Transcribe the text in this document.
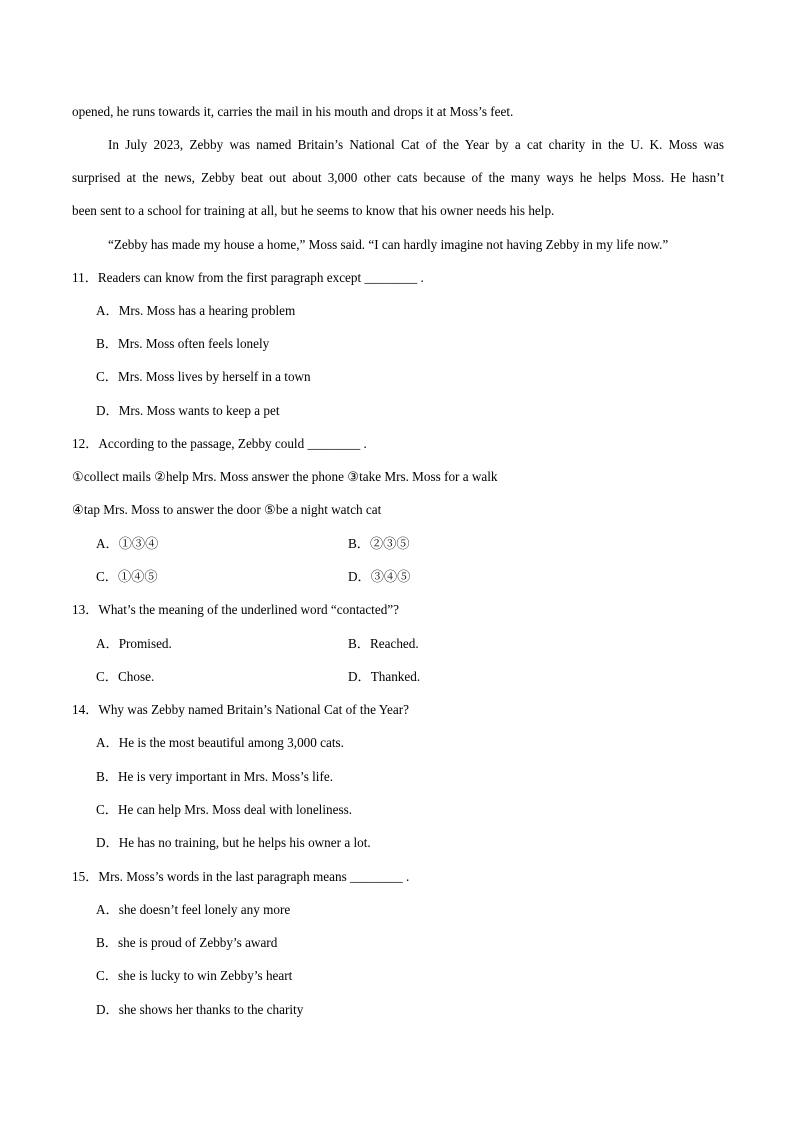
opened, he runs towards it, carries the mail in his mouth and drops it at Moss’s feet.
In July 2023, Zebby was named Britain’s National Cat of the Year by a cat charity in the U. K. Moss was
surprised at the news, Zebby beat out about 3,000 other cats because of the many ways he helps Moss. He hasn’t
been sent to a school for training at all, but he seems to know that his owner needs his help.
“Zebby has made my house a home,” Moss said. “I can hardly imagine not having Zebby in my life now.”
11．Readers can know from the first paragraph except ________ .
A．Mrs. Moss has a hearing problem
B．Mrs. Moss often feels lonely
C．Mrs. Moss lives by herself in a town
D．Mrs. Moss wants to keep a pet
12．According to the passage, Zebby could ________ .
①collect mails ②help Mrs. Moss answer the phone ③take Mrs. Moss for a walk
④tap Mrs. Moss to answer the door ⑤be a night watch cat
A．①③④	B．②③⑤
C．①④⑤	D．③④⑤
13．What’s the meaning of the underlined word “contacted”?
A．Promised.	B．Reached.
C．Chose.	D．Thanked.
14．Why was Zebby named Britain’s National Cat of the Year?
A．He is the most beautiful among 3,000 cats.
B．He is very important in Mrs. Moss’s life.
C．He can help Mrs. Moss deal with loneliness.
D．He has no training, but he helps his owner a lot.
15．Mrs. Moss’s words in the last paragraph means ________ .
A．she doesn’t feel lonely any more
B．she is proud of Zebby’s award
C．she is lucky to win Zebby’s heart
D．she shows her thanks to the charity
